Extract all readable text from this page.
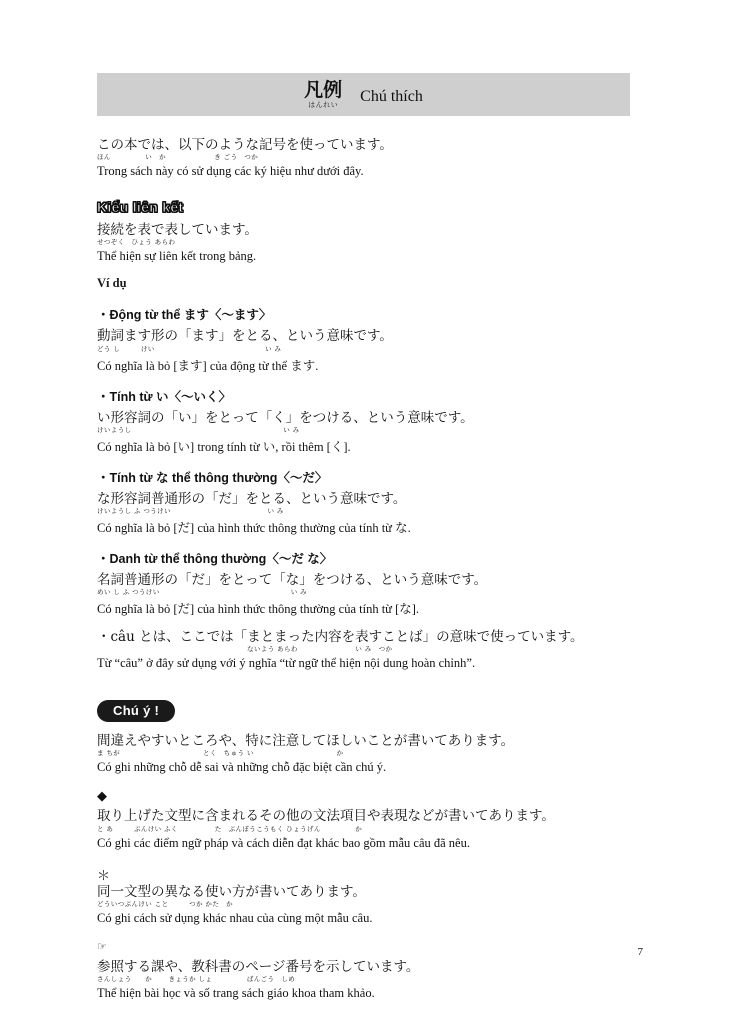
凡例
はんれい Chú thích
この本では、以下のような記号を使っています。
ほん　　　　　い　か　　　　　　　き ごう　つか
Trong sách này có sử dụng các ký hiệu như dưới đây.
Kiểu liên kết
接続を表で表しています。
せつぞく　ひょう あらわ
Thể hiện sự liên kết trong bảng.
Ví dụ
・Động từ thể ます〈〜ます〉
動詞ます形の「ます」をとる、という意味です。
どう し　　　けい　　　　　　　　　　　　　　　　い み
Có nghĩa là bỏ [ます] của động từ thể ます.
・Tính từ い〈〜いく〉
い形容詞の「い」をとって「く」をつける、という意味です。
けいようし　　　　　　　　　　　　　　　　　　　　　　い み
Có nghĩa là bỏ [い] trong tính từ い, rồi thêm [く].
・Tính từ な thể thông thường〈〜だ〉
な形容詞普通形の「だ」をとる、という意味です。
けいようし ふ つうけい　　　　　　　　　　　　　　い み
Có nghĩa là bỏ [だ] của hình thức thông thường của tính từ な.
・Danh từ thể thông thường〈〜だ な〉
名詞普通形の「だ」をとって「な」をつける、という意味です。
めい し ふ つうけい　　　　　　　　　　　　　　　　　　　い み
Có nghĩa là bỏ [だ] của hình thức thông thường của tính từ [な].
・câu とは、ここでは「まとまった内容を表すことば」の意味で使っています。
ないよう あらわ　　　　　　　　 い み　つか
Từ “câu” ở đây sử dụng với ý nghĩa “từ ngữ thể hiện nội dung hoàn chỉnh”.
Chú ý !
間違えやすいところや、特に注意してほしいことが書いてあります。
ま ちが　　　　　　　　　　　　とく　ちゅう い　　　　　　　　　　　　か
Có ghi những chỗ dễ sai và những chỗ đặc biệt cần chú ý.
◆
取り上げた文型に含まれるその他の文法項目や表現などが書いてあります。
と あ　　　ぶんけい ふく　　　　　 た　ぶんぽうこうもく ひょうげん　　　　　か
Có ghi các điểm ngữ pháp và cách diễn đạt khác bao gồm mẫu câu đã nêu.
＊
同一文型の異なる使い方が書いてあります。
どういつぶんけい こと　　　つか かた　か
Có ghi cách sử dụng khác nhau của cùng một mẫu câu.
☞
参照する課や、教科書のページ番号を示しています。
さんしょう　　か　　 きょうか しょ　　　　　ばんごう　しめ
Thể hiện bài học và số trang sách giáo khoa tham khảo.
7
